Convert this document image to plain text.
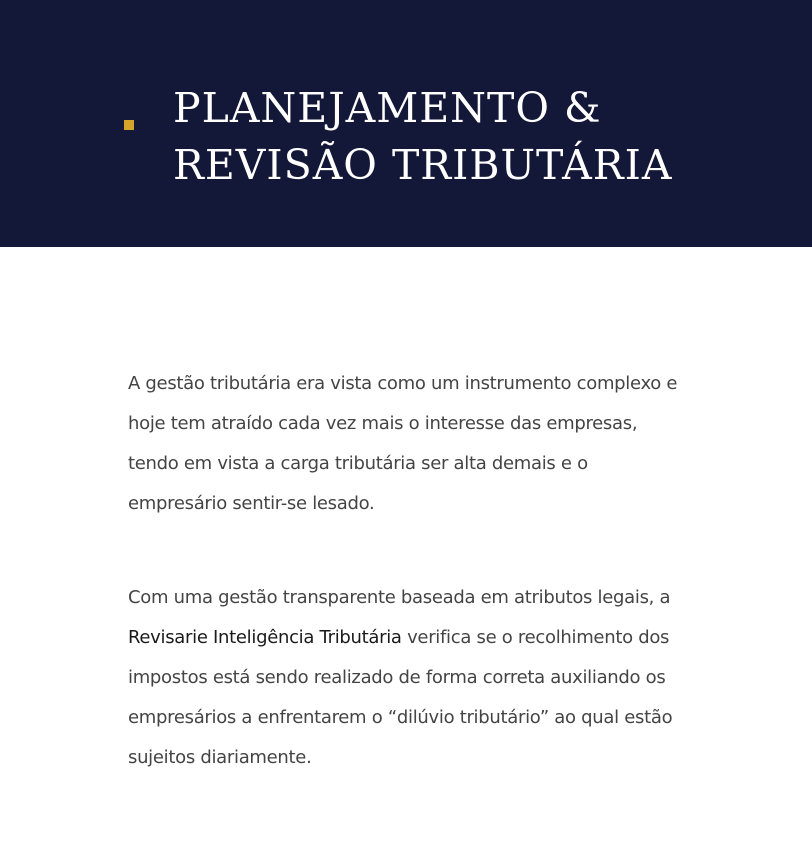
PLANEJAMENTO &
REVISÃO TRIBUTÁRIA

A gestão tributária era vista como um instrumento complexo e hoje tem atraído cada vez mais o interesse das empresas, tendo em vista a carga tributária ser alta demais e o empresário sentir-se lesado.

Com uma gestão transparente baseada em atributos legais, a Revisarie Inteligência Tributária verifica se o recolhimento dos impostos está sendo realizado de forma correta auxiliando os empresários a enfrentarem o “dilúvio tributário” ao qual estão sujeitos diariamente.
